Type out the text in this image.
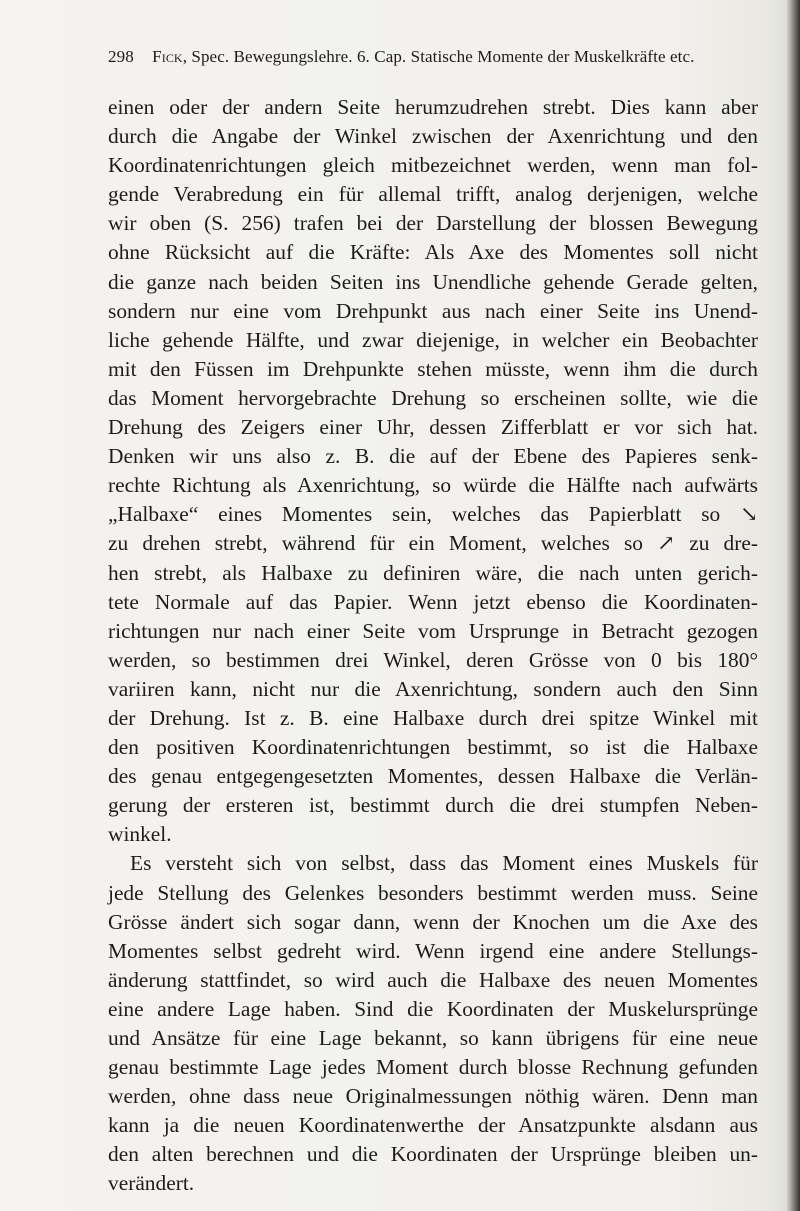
298 Fick, Spec. Bewegungslehre. 6. Cap. Statische Momente der Muskelkräfte etc.
einen oder der andern Seite herumzudrehen strebt. Dies kann aber
durch die Angabe der Winkel zwischen der Axenrichtung und den
Koordinatenrichtungen gleich mitbezeichnet werden, wenn man fol-
gende Verabredung ein für allemal trifft, analog derjenigen, welche
wir oben (S. 256) trafen bei der Darstellung der blossen Bewegung
ohne Rücksicht auf die Kräfte: Als Axe des Momentes soll nicht
die ganze nach beiden Seiten ins Unendliche gehende Gerade gelten,
sondern nur eine vom Drehpunkt aus nach einer Seite ins Unend-
liche gehende Hälfte, und zwar diejenige, in welcher ein Beobachter
mit den Füssen im Drehpunkte stehen müsste, wenn ihm die durch
das Moment hervorgebrachte Drehung so erscheinen sollte, wie die
Drehung des Zeigers einer Uhr, dessen Zifferblatt er vor sich hat.
Denken wir uns also z. B. die auf der Ebene des Papieres senk-
rechte Richtung als Axenrichtung, so würde die Hälfte nach aufwärts
„Halbaxe“ eines Momentes sein, welches das Papierblatt so ↘
zu drehen strebt, während für ein Moment, welches so ↗ zu dre-
hen strebt, als Halbaxe zu definiren wäre, die nach unten gerich-
tete Normale auf das Papier. Wenn jetzt ebenso die Koordinaten-
richtungen nur nach einer Seite vom Ursprunge in Betracht gezogen
werden, so bestimmen drei Winkel, deren Grösse von 0 bis 180°
variiren kann, nicht nur die Axenrichtung, sondern auch den Sinn
der Drehung. Ist z. B. eine Halbaxe durch drei spitze Winkel mit
den positiven Koordinatenrichtungen bestimmt, so ist die Halbaxe
des genau entgegengesetzten Momentes, dessen Halbaxe die Verlän-
gerung der ersteren ist, bestimmt durch die drei stumpfen Neben-
winkel.
Es versteht sich von selbst, dass das Moment eines Muskels für
jede Stellung des Gelenkes besonders bestimmt werden muss. Seine
Grösse ändert sich sogar dann, wenn der Knochen um die Axe des
Momentes selbst gedreht wird. Wenn irgend eine andere Stellungs-
änderung stattfindet, so wird auch die Halbaxe des neuen Momentes
eine andere Lage haben. Sind die Koordinaten der Muskelursprünge
und Ansätze für eine Lage bekannt, so kann übrigens für eine neue
genau bestimmte Lage jedes Moment durch blosse Rechnung gefunden
werden, ohne dass neue Originalmessungen nöthig wären. Denn man
kann ja die neuen Koordinatenwerthe der Ansatzpunkte alsdann aus
den alten berechnen und die Koordinaten der Ursprünge bleiben un-
verändert.
